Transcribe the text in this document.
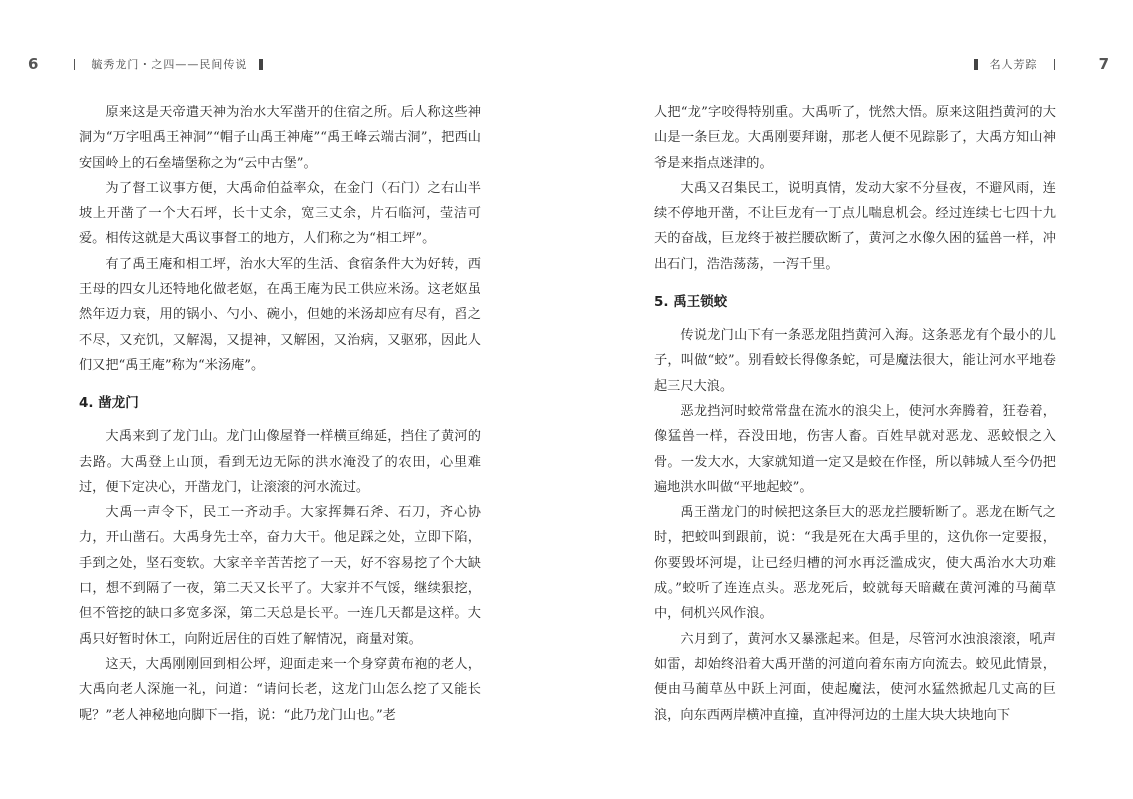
6	毓秀龙门・之四——民间传说	名人芳踪	7

原来这是天帝遣天神为治水大军凿开的住宿之所。后人称这些神洞为“万字咀禹王神洞”“帽子山禹王神庵”“禹王峰云端古洞”，把西山安国岭上的石垒墙堡称之为“云中古堡”。

为了督工议事方便，大禹命伯益率众，在金门（石门）之右山半坡上开凿了一个大石坪，长十丈余，宽三丈余，片石临河，莹洁可爱。相传这就是大禹议事督工的地方，人们称之为“相工坪”。

有了禹王庵和相工坪，治水大军的生活、食宿条件大为好转，西王母的四女儿还特地化做老妪，在禹王庵为民工供应米汤。这老妪虽然年迈力衰，用的锅小、勺小、碗小，但她的米汤却应有尽有，舀之不尽，又充饥，又解渴，又提神，又解困，又治病，又驱邪，因此人们又把“禹王庵”称为“米汤庵”。

4. 凿龙门

大禹来到了龙门山。龙门山像屋脊一样横亘绵延，挡住了黄河的去路。大禹登上山顶，看到无边无际的洪水淹没了的农田，心里难过，便下定决心，开凿龙门，让滚滚的河水流过。

大禹一声令下，民工一齐动手。大家挥舞石斧、石刀，齐心协力，开山凿石。大禹身先士卒，奋力大干。他足踩之处，立即下陷，手到之处，坚石变软。大家辛辛苦苦挖了一天，好不容易挖了个大缺口，想不到隔了一夜，第二天又长平了。大家并不气馁，继续狠挖，但不管挖的缺口多宽多深，第二天总是长平。一连几天都是这样。大禹只好暂时休工，向附近居住的百姓了解情况，商量对策。

这天，大禹刚刚回到相公坪，迎面走来一个身穿黄布袍的老人，大禹向老人深施一礼，问道：“请问长老，这龙门山怎么挖了又能长呢？”老人神秘地向脚下一指，说：“此乃龙门山也。”老

人把“龙”字咬得特别重。大禹听了，恍然大悟。原来这阻挡黄河的大山是一条巨龙。大禹刚要拜谢，那老人便不见踪影了，大禹方知山神爷是来指点迷津的。

大禹又召集民工，说明真情，发动大家不分昼夜，不避风雨，连续不停地开凿，不让巨龙有一丁点儿喘息机会。经过连续七七四十九天的奋战，巨龙终于被拦腰砍断了，黄河之水像久困的猛兽一样，冲出石门，浩浩荡荡，一泻千里。

5. 禹王锁蛟

传说龙门山下有一条恶龙阻挡黄河入海。这条恶龙有个最小的儿子，叫做“蛟”。别看蛟长得像条蛇，可是魔法很大，能让河水平地卷起三尺大浪。

恶龙挡河时蛟常常盘在流水的浪尖上，使河水奔腾着，狂卷着，像猛兽一样，吞没田地，伤害人畜。百姓早就对恶龙、恶蛟恨之入骨。一发大水，大家就知道一定又是蛟在作怪，所以韩城人至今仍把遍地洪水叫做“平地起蛟”。

禹王凿龙门的时候把这条巨大的恶龙拦腰斩断了。恶龙在断气之时，把蛟叫到跟前，说：“我是死在大禹手里的，这仇你一定要报，你要毁坏河堤，让已经归槽的河水再泛滥成灾，使大禹治水大功难成。”蛟听了连连点头。恶龙死后，蛟就每天暗藏在黄河滩的马蔺草中，伺机兴风作浪。

六月到了，黄河水又暴涨起来。但是，尽管河水浊浪滚滚，吼声如雷，却始终沿着大禹开凿的河道向着东南方向流去。蛟见此情景，便由马蔺草丛中跃上河面，使起魔法，使河水猛然掀起几丈高的巨浪，向东西两岸横冲直撞，直冲得河边的土崖大块大块地向下
